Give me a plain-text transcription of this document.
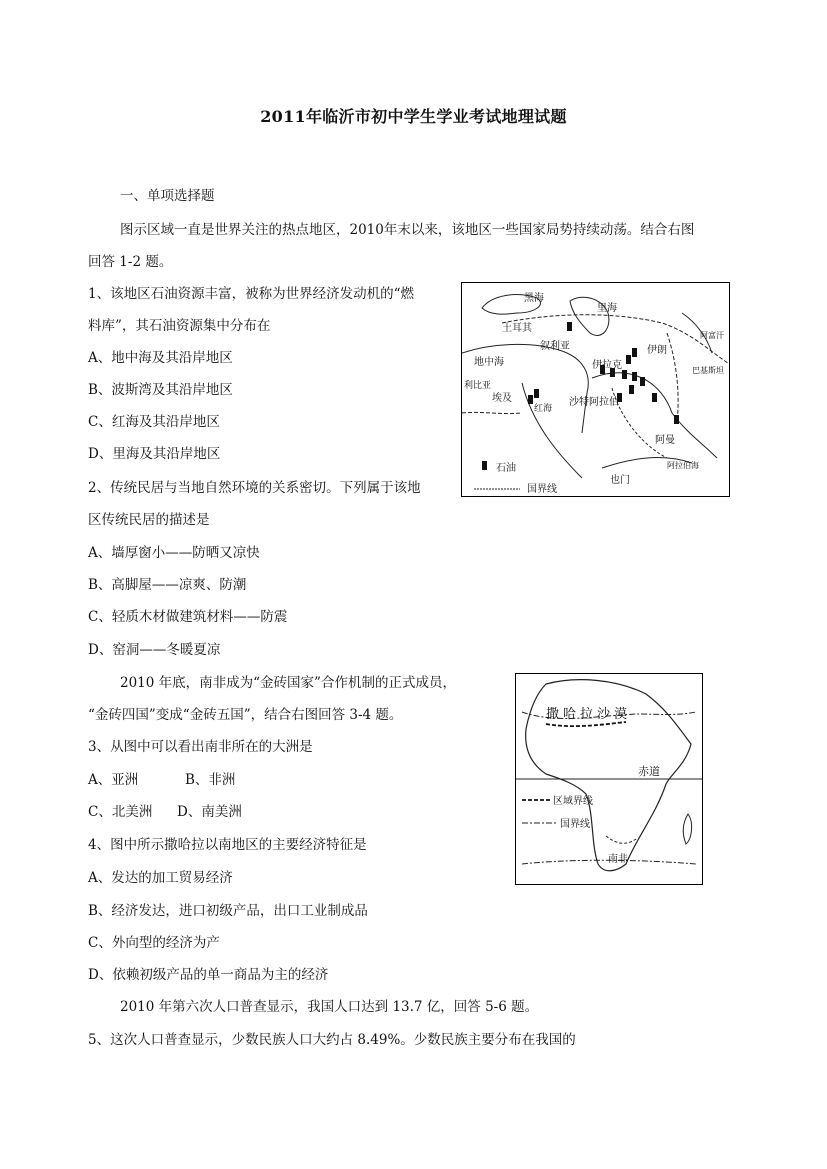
2011年临沂市初中学生学业考试地理试题
一、单项选择题
图示区域一直是世界关注的热点地区，2010年末以来，该地区一些国家局势持续动荡。结合右图
回答 1-2 题。
1、该地区石油资源丰富，被称为世界经济发动机的“燃
料库”，其石油资源集中分布在
A、地中海及其沿岸地区
B、波斯湾及其沿岸地区
C、红海及其沿岸地区
D、里海及其沿岸地区
2、传统民居与当地自然环境的关系密切。下列属于该地
区传统民居的描述是
A、墙厚窗小——防晒又凉快
B、高脚屋——凉爽、防潮
C、轻质木材做建筑材料——防震
D、窑洞——冬暖夏凉
2010 年底，南非成为“金砖国家”合作机制的正式成员，
“金砖四国”变成“金砖五国”，结合右图回答 3-4 题。
3、从图中可以看出南非所在的大洲是
A、亚洲	B、非洲
C、北美洲 D、南美洲
4、图中所示撒哈拉以南地区的主要经济特征是
A、发达的加工贸易经济
B、经济发达，进口初级产品，出口工业制成品
C、外向型的经济为产
D、依赖初级产品的单一商品为主的经济
2010 年第六次人口普查显示，我国人口达到 13.7 亿，回答 5-6 题。
5、这次人口普查显示，少数民族人口大约占 8.49%。少数民族主要分布在我国的
黑海
里海
土耳其
叙利亚
伊拉克
伊朗
阿富汗
巴基斯坦
地中海
利比亚
埃及
红海
沙特阿拉伯
阿曼
阿拉伯海
也门
石油
国界线
撒哈拉沙漠
赤道
区域界线
国界线
南非
